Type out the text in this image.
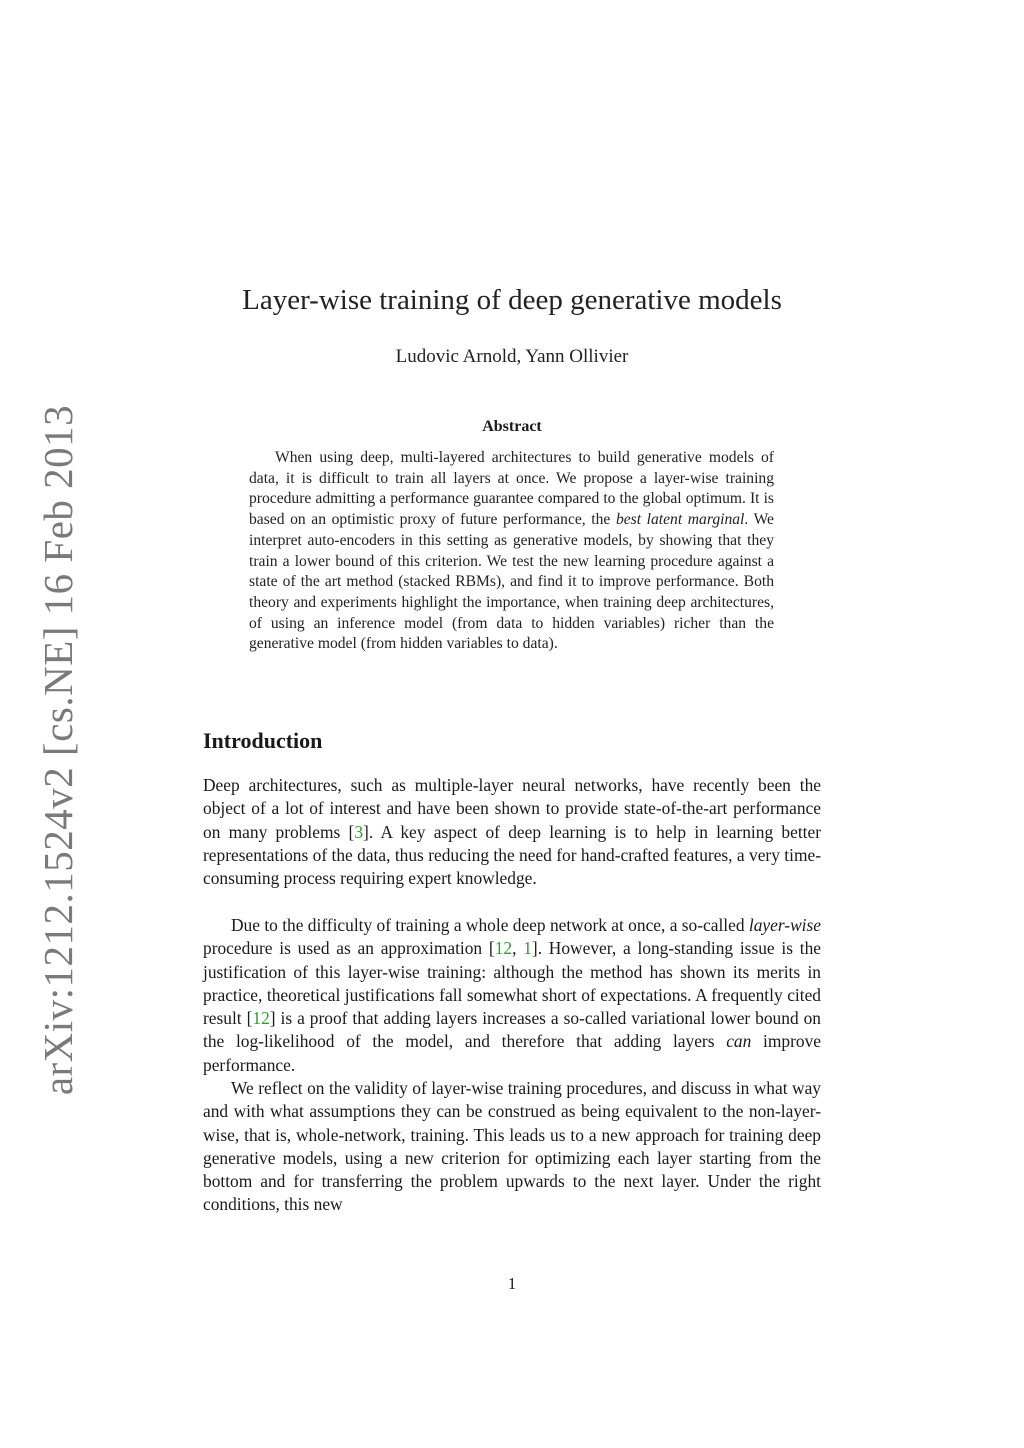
arXiv:1212.1524v2 [cs.NE] 16 Feb 2013
Layer-wise training of deep generative models
Ludovic Arnold, Yann Ollivier
Abstract
When using deep, multi-layered architectures to build generative models of data, it is difficult to train all layers at once. We propose a layer-wise training procedure admitting a performance guarantee compared to the global optimum. It is based on an optimistic proxy of future performance, the best latent marginal. We interpret auto-encoders in this setting as generative models, by showing that they train a lower bound of this criterion. We test the new learning procedure against a state of the art method (stacked RBMs), and find it to improve performance. Both theory and experiments highlight the importance, when training deep architectures, of using an inference model (from data to hidden variables) richer than the generative model (from hidden variables to data).
Introduction
Deep architectures, such as multiple-layer neural networks, have recently been the object of a lot of interest and have been shown to provide state-of-the-art performance on many problems [3]. A key aspect of deep learning is to help in learning better representations of the data, thus reducing the need for hand-crafted features, a very time-consuming process requiring expert knowledge.
Due to the difficulty of training a whole deep network at once, a so-called layer-wise procedure is used as an approximation [12, 1]. However, a long-standing issue is the justification of this layer-wise training: although the method has shown its merits in practice, theoretical justifications fall somewhat short of expectations. A frequently cited result [12] is a proof that adding layers increases a so-called variational lower bound on the log-likelihood of the model, and therefore that adding layers can improve performance.
We reflect on the validity of layer-wise training procedures, and discuss in what way and with what assumptions they can be construed as being equivalent to the non-layer-wise, that is, whole-network, training. This leads us to a new approach for training deep generative models, using a new criterion for optimizing each layer starting from the bottom and for transferring the problem upwards to the next layer. Under the right conditions, this new
1
